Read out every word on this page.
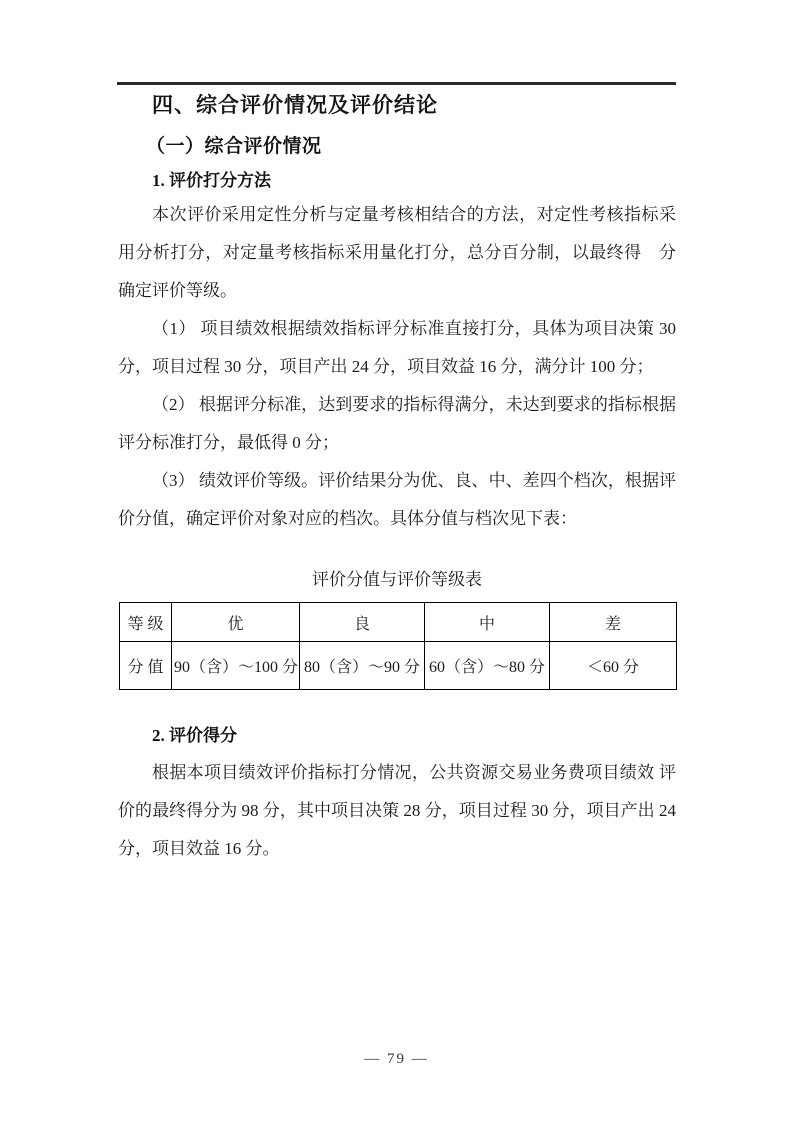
四、综合评价情况及评价结论
（一）综合评价情况
1. 评价打分方法

本次评价采用定性分析与定量考核相结合的方法，对定性考核指标采用分析打分，对定量考核指标采用量化打分，总分百分制，以最终得　分确定评价等级。

（1） 项目绩效根据绩效指标评分标准直接打分，具体为项目决策 30 分，项目过程 30 分，项目产出 24 分，项目效益 16 分，满分计 100 分；

（2） 根据评分标准，达到要求的指标得满分，未达到要求的指标根据评分标准打分，最低得 0 分；

（3） 绩效评价等级。评价结果分为优、良、中、差四个档次，根据评价分值，确定评价对象对应的档次。具体分值与档次见下表：

评价分值与评价等级表
等 级	优	良	中	差
分 值	90（含）～100 分	80（含）～90 分	60（含）～80 分	＜60 分
2. 评价得分

根据本项目绩效评价指标打分情况，公共资源交易业务费项目绩效 评价的最终得分为 98 分，其中项目决策 28 分，项目过程 30 分，项目产出 24 分，项目效益 16 分。

— 79 —
